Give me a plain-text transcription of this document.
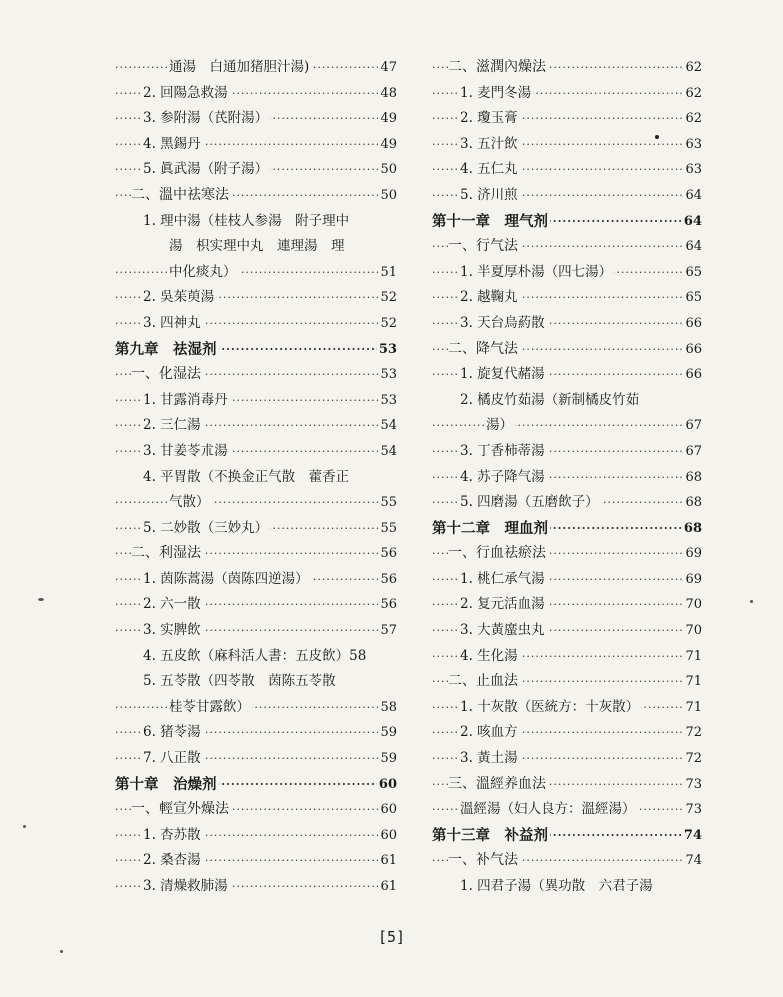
····· 通湯　白通加猪胆汁湯)	47
····· 2. 回陽急救湯	48
····· 3. 参附湯（芪附湯）	49
····· 4. 黑錫丹	49
····· 5. 眞武湯（附子湯）	50
····· 二、溫中祛寒法	50
1. 理中湯（桂枝人参湯　附子理中
湯　枳实理中丸　連理湯　理
····· 中化痰丸）	51
····· 2. 吳茱萸湯	52
····· 3. 四神丸	52
····· 第九章　祛湿剂	53
····· 一、化湿法	53
····· 1. 甘露消毒丹	53
····· 2. 三仁湯	54
····· 3. 甘姜苓朮湯	54
4. 平胃散（不换金正气散　藿香正
····· 气散）	55
····· 5. 二妙散（三妙丸）	55
····· 二、利湿法	56
····· 1. 茵陈蒿湯（茵陈四逆湯）	56
····· 2. 六一散	56
····· 3. 实脾飲	57
4. 五皮飲（麻科活人書：五皮飲）58
5. 五苓散（四苓散　茵陈五苓散
····· 桂苓甘露飲）	58
····· 6. 猪苓湯	59
····· 7. 八正散	59
····· 第十章　治燥剂	60
····· 一、輕宣外燥法	60
····· 1. 杏苏散	60
····· 2. 桑杏湯	61
····· 3. 清燥救肺湯	61
····· 二、滋潤內燥法	62
····· 1. 麦門冬湯	62
····· 2. 瓊玉膏	62
····· 3. 五汁飲	63
····· 4. 五仁丸	63
····· 5. 济川煎	64
····· 第十一章　理气剂	64
····· 一、行气法	64
····· 1. 半夏厚朴湯（四七湯）	65
····· 2. 越鞠丸	65
····· 3. 天台烏葯散	66
····· 二、降气法	66
····· 1. 旋复代赭湯	66
2. 橘皮竹茹湯（新制橘皮竹茹
····· 湯）	67
····· 3. 丁香柿蒂湯	67
····· 4. 苏子降气湯	68
····· 5. 四磨湯（五磨飲子）	68
····· 第十二章　理血剂	68
····· 一、行血祛瘀法	69
····· 1. 桃仁承气湯	69
····· 2. 复元活血湯	70
····· 3. 大黃䗪虫丸	70
····· 4. 生化湯	71
····· 二、止血法	71
····· 1. 十灰散（医統方：十灰散）	71
····· 2. 咳血方	72
····· 3. 黃土湯	72
····· 三、溫經养血法	73
····· 溫經湯（妇人良方：溫經湯）	73
····· 第十三章　补益剂	74
····· 一、补气法	74
1. 四君子湯（異功散　六君子湯
[5]
